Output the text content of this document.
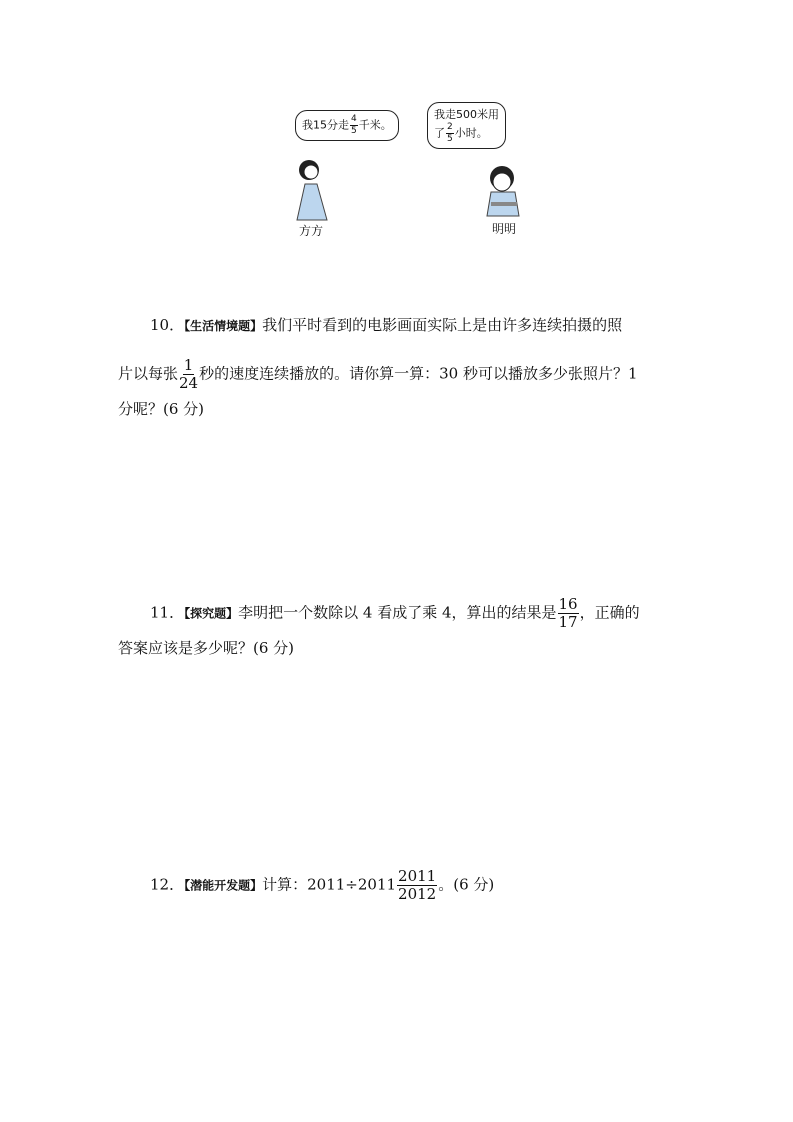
我15分走 $\frac{4}{5}$ 千米。
我走500米用
了 $\frac{2}{5}$ 小时。
方方	明明
10．【生活情境题】我们平时看到的电影画面实际上是由许多连续拍摄的照
片以每张 $\frac{1}{24}$ 秒的速度连续播放的。请你算一算：30 秒可以播放多少张照片？1
分呢？(6 分)
11．【探究题】李明把一个数除以 4 看成了乘 4，算出的结果是 $\frac{16}{17}$ ，正确的
答案应该是多少呢？(6 分)
12．【潜能开发题】计算：$2011\div 2011 \frac{2011}{2012}$ 。(6 分)
